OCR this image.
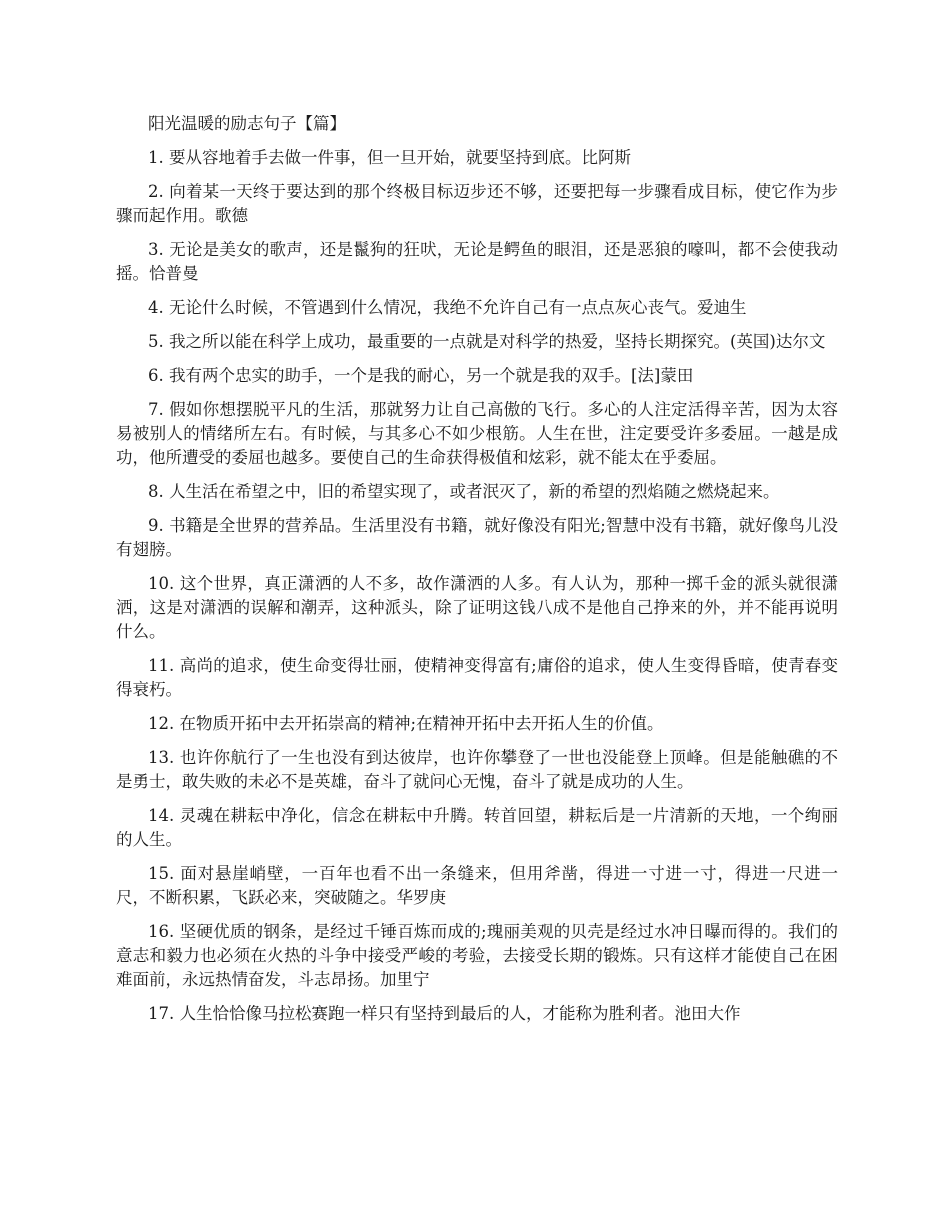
阳光温暖的励志句子【篇】

1. 要从容地着手去做一件事，但一旦开始，就要坚持到底。比阿斯

2. 向着某一天终于要达到的那个终极目标迈步还不够，还要把每一步骤看成目标，使它作为步骤而起作用。歌德

3. 无论是美女的歌声，还是鬣狗的狂吠，无论是鳄鱼的眼泪，还是恶狼的嚎叫，都不会使我动摇。恰普曼

4. 无论什么时候，不管遇到什么情况，我绝不允许自己有一点点灰心丧气。爱迪生

5. 我之所以能在科学上成功，最重要的一点就是对科学的热爱，坚持长期探究。(英国)达尔文

6. 我有两个忠实的助手，一个是我的耐心，另一个就是我的双手。[法]蒙田

7. 假如你想摆脱平凡的生活，那就努力让自己高傲的飞行。多心的人注定活得辛苦，因为太容易被别人的情绪所左右。有时候，与其多心不如少根筋。人生在世，注定要受许多委屈。一越是成功，他所遭受的委屈也越多。要使自己的生命获得极值和炫彩，就不能太在乎委屈。

8. 人生活在希望之中，旧的希望实现了，或者泯灭了，新的希望的烈焰随之燃烧起来。

9. 书籍是全世界的营养品。生活里没有书籍，就好像没有阳光;智慧中没有书籍，就好像鸟儿没有翅膀。

10. 这个世界，真正潇洒的人不多，故作潇洒的人多。有人认为，那种一掷千金的派头就很潇洒，这是对潇洒的误解和潮弄，这种派头，除了证明这钱八成不是他自己挣来的外，并不能再说明什么。

11. 高尚的追求，使生命变得壮丽，使精神变得富有;庸俗的追求，使人生变得昏暗，使青春变得衰朽。

12. 在物质开拓中去开拓崇高的精神;在精神开拓中去开拓人生的价值。

13. 也许你航行了一生也没有到达彼岸，也许你攀登了一世也没能登上顶峰。但是能触礁的不是勇士，敢失败的未必不是英雄，奋斗了就问心无愧，奋斗了就是成功的人生。

14. 灵魂在耕耘中净化，信念在耕耘中升腾。转首回望，耕耘后是一片清新的天地，一个绚丽的人生。

15. 面对悬崖峭壁，一百年也看不出一条缝来，但用斧凿，得进一寸进一寸，得进一尺进一尺，不断积累，飞跃必来，突破随之。华罗庚

16. 坚硬优质的钢条，是经过千锤百炼而成的;瑰丽美观的贝壳是经过水冲日曝而得的。我们的意志和毅力也必须在火热的斗争中接受严峻的考验，去接受长期的锻炼。只有这样才能使自己在困难面前，永远热情奋发，斗志昂扬。加里宁

17. 人生恰恰像马拉松赛跑一样只有坚持到最后的人，才能称为胜利者。池田大作
